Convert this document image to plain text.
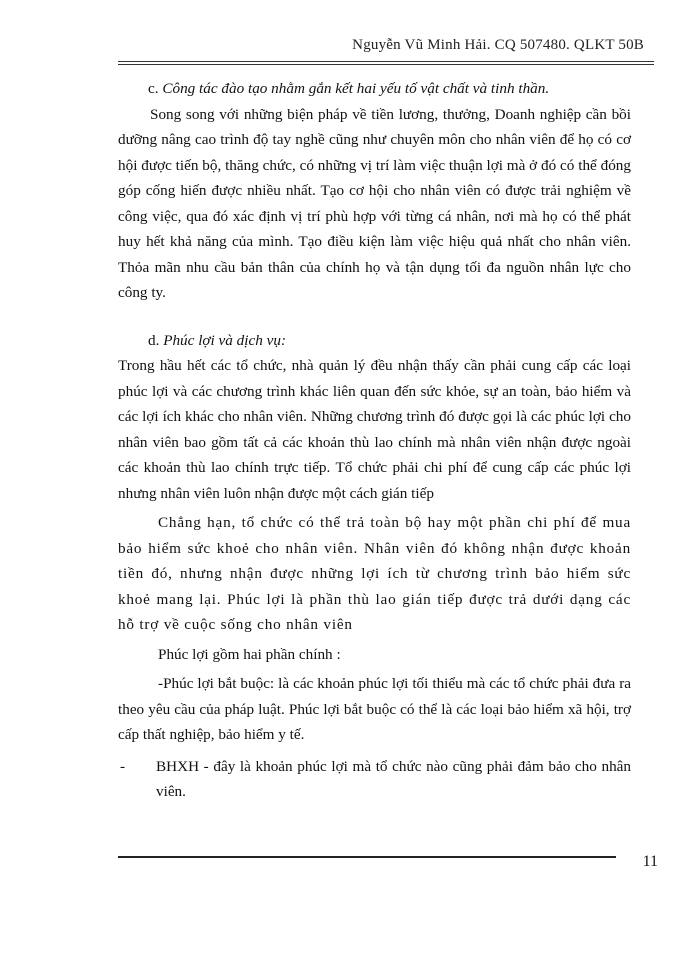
Nguyễn Vũ Minh Hải. CQ 507480. QLKT 50B

c. Công tác đào tạo nhằm gắn kết hai yếu tố vật chất và tinh thần.

Song song với những biện pháp về tiền lương, thưởng, Doanh nghiệp cần bồi dưỡng nâng cao trình độ tay nghề cũng như chuyên môn cho nhân viên để họ có cơ hội được tiến bộ, thăng chức, có những vị trí làm việc thuận lợi mà ở đó có thể đóng góp cống hiến được nhiều nhất. Tạo cơ hội cho nhân viên có được trải nghiệm về công việc, qua đó xác định vị trí phù hợp với từng cá nhân, nơi mà họ có thể phát huy hết khả năng của mình. Tạo điều kiện làm việc hiệu quả nhất cho nhân viên. Thỏa mãn nhu cầu bản thân của chính họ và tận dụng tối đa nguồn nhân lực cho công ty.

d. Phúc lợi và dịch vụ:

Trong hầu hết các tổ chức, nhà quản lý đều nhận thấy cần phải cung cấp các loại phúc lợi và các chương trình khác liên quan đến sức khỏe, sự an toàn, bảo hiểm và các lợi ích khác cho nhân viên. Những chương trình đó được gọi là các phúc lợi cho nhân viên bao gồm tất cả các khoản thù lao chính mà nhân viên nhận được ngoài các khoản thù lao chính trực tiếp. Tổ chức phải chi phí để cung cấp các phúc lợi nhưng nhân viên luôn nhận được một cách gián tiếp

Chẳng hạn, tổ chức có thể trả toàn bộ hay một phần chi phí để mua bảo hiểm sức khoẻ cho nhân viên. Nhân viên đó không nhận được khoản tiền đó, nhưng nhận được những lợi ích từ chương trình bảo hiểm sức khoẻ mang lại. Phúc lợi là phần thù lao gián tiếp được trả dưới dạng các hỗ trợ về cuộc sống cho nhân viên

Phúc lợi gồm hai phần chính :

-Phúc lợi bắt buộc: là các khoản phúc lợi tối thiểu mà các tổ chức phải đưa ra theo yêu cầu của pháp luật. Phúc lợi bắt buộc có thể là các loại bảo hiểm xã hội, trợ cấp thất nghiệp, bảo hiểm y tế.

- BHXH - đây là khoản phúc lợi mà tổ chức nào cũng phải đảm bảo cho nhân viên.

11
